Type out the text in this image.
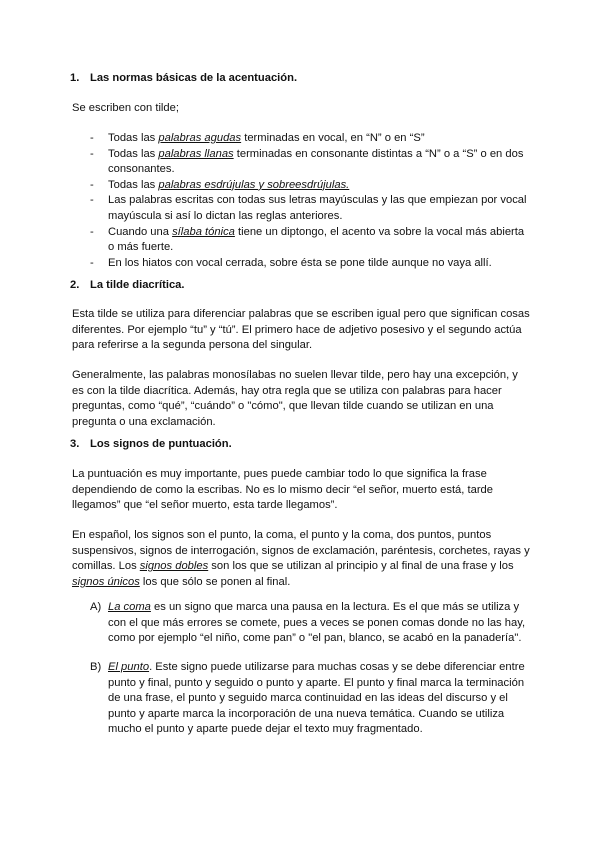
1. Las normas básicas de la acentuación.

Se escriben con tilde;

- Todas las palabras agudas terminadas en vocal, en “N” o en “S”
- Todas las palabras llanas terminadas en consonante distintas a “N” o a “S” o en dos consonantes.
- Todas las palabras esdrújulas y sobreesdrújulas.
- Las palabras escritas con todas sus letras mayúsculas y las que empiezan por vocal mayúscula si así lo dictan las reglas anteriores.
- Cuando una sílaba tónica tiene un diptongo, el acento va sobre la vocal más abierta o más fuerte.
- En los hiatos con vocal cerrada, sobre ésta se pone tilde aunque no vaya allí.

2. La tilde diacrítica.

Esta tilde se utiliza para diferenciar palabras que se escriben igual pero que significan cosas diferentes. Por ejemplo “tu” y “tú”. El primero hace de adjetivo posesivo y el segundo actúa para referirse a la segunda persona del singular.

Generalmente, las palabras monosílabas no suelen llevar tilde, pero hay una excepción, y es con la tilde diacrítica. Además, hay otra regla que se utiliza con palabras para hacer preguntas, como “qué”, “cuándo” o "cómo", que llevan tilde cuando se utilizan en una pregunta o una exclamación.

3. Los signos de puntuación.

La puntuación es muy importante, pues puede cambiar todo lo que significa la frase dependiendo de como la escribas. No es lo mismo decir “el señor, muerto está, tarde llegamos” que “el señor muerto, esta tarde llegamos”.

En español, los signos son el punto, la coma, el punto y la coma, dos puntos, puntos suspensivos, signos de interrogación, signos de exclamación, paréntesis, corchetes, rayas y comillas. Los signos dobles son los que se utilizan al principio y al final de una frase y los signos únicos los que sólo se ponen al final.

A) La coma es un signo que marca una pausa en la lectura. Es el que más se utiliza y con el que más errores se comete, pues a veces se ponen comas donde no las hay, como por ejemplo “el niño, come pan” o "el pan, blanco, se acabó en la panadería".
B) El punto. Este signo puede utilizarse para muchas cosas y se debe diferenciar entre punto y final, punto y seguido o punto y aparte. El punto y final marca la terminación de una frase, el punto y seguido marca continuidad en las ideas del discurso y el punto y aparte marca la incorporación de una nueva temática. Cuando se utiliza mucho el punto y aparte puede dejar el texto muy fragmentado.
